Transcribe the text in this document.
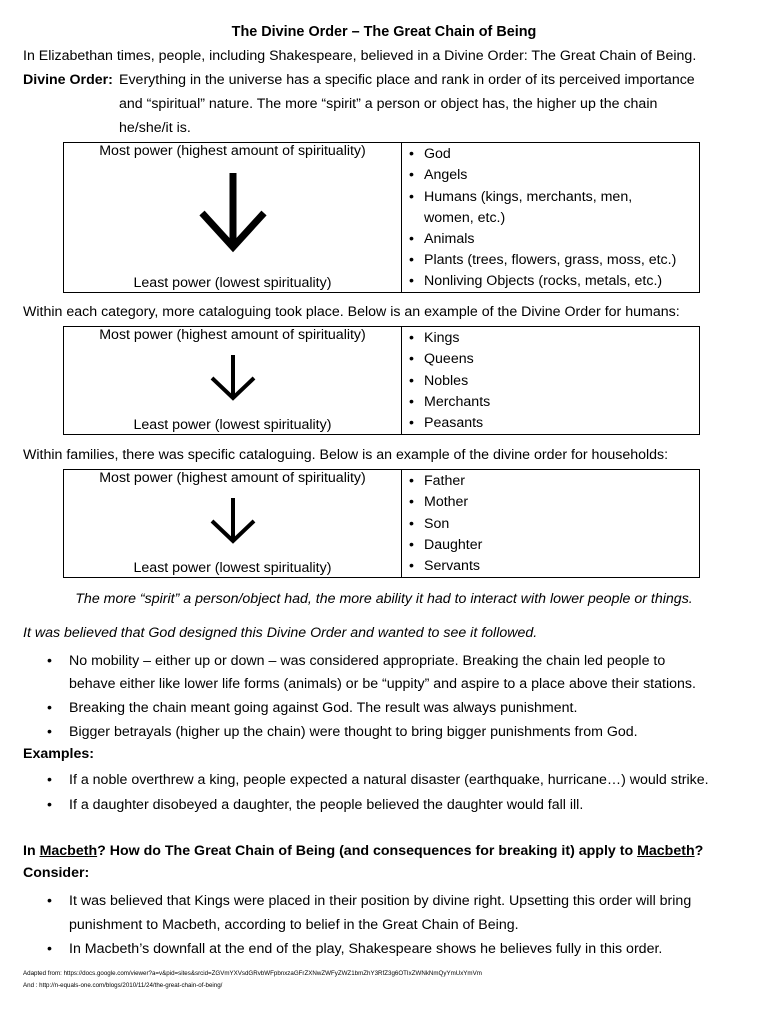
The Divine Order – The Great Chain of Being
In Elizabethan times, people, including Shakespeare, believed in a Divine Order: The Great Chain of Being.
Divine Order: Everything in the universe has a specific place and rank in order of its perceived importance
and “spiritual” nature. The more “spirit” a person or object has, the higher up the chain
he/she/it is.
Most power (highest amount of spirituality)
Least power (lowest spirituality)

• God
• Angels
• Humans (kings, merchants, men, women, etc.)
• Animals
• Plants (trees, flowers, grass, moss, etc.)
• Nonliving Objects (rocks, metals, etc.)
Within each category, more cataloguing took place. Below is an example of the Divine Order for humans:
Most power (highest amount of spirituality)
Least power (lowest spirituality)

• Kings
• Queens
• Nobles
• Merchants
• Peasants
Within families, there was specific cataloguing. Below is an example of the divine order for households:
Most power (highest amount of spirituality)
Least power (lowest spirituality)

• Father
• Mother
• Son
• Daughter
• Servants
The more “spirit” a person/object had, the more ability it had to interact with lower people or things.
It was believed that God designed this Divine Order and wanted to see it followed.
• No mobility – either up or down – was considered appropriate. Breaking the chain led people to
behave either like lower life forms (animals) or be “uppity” and aspire to a place above their stations.
• Breaking the chain meant going against God. The result was always punishment.
• Bigger betrayals (higher up the chain) were thought to bring bigger punishments from God.
Examples:
• If a noble overthrew a king, people expected a natural disaster (earthquake, hurricane…) would strike.
• If a daughter disobeyed a daughter, the people believed the daughter would fall ill.
In Macbeth? How do The Great Chain of Being (and consequences for breaking it) apply to Macbeth?
Consider:
• It was believed that Kings were placed in their position by divine right. Upsetting this order will bring
punishment to Macbeth, according to belief in the Great Chain of Being.
• In Macbeth’s downfall at the end of the play, Shakespeare shows he believes fully in this order.
Adapted from: https://docs.google.com/viewer?a=v&pid=sites&srcid=ZGVmYXVsdGRvbWFpbnxzaGFrZXNwZWFyZWZ1bmZhY3RfZ3g6OTIxZWNkNmQyYmUxYmVm
And : http://n-equals-one.com/blogs/2010/11/24/the-great-chain-of-being/
